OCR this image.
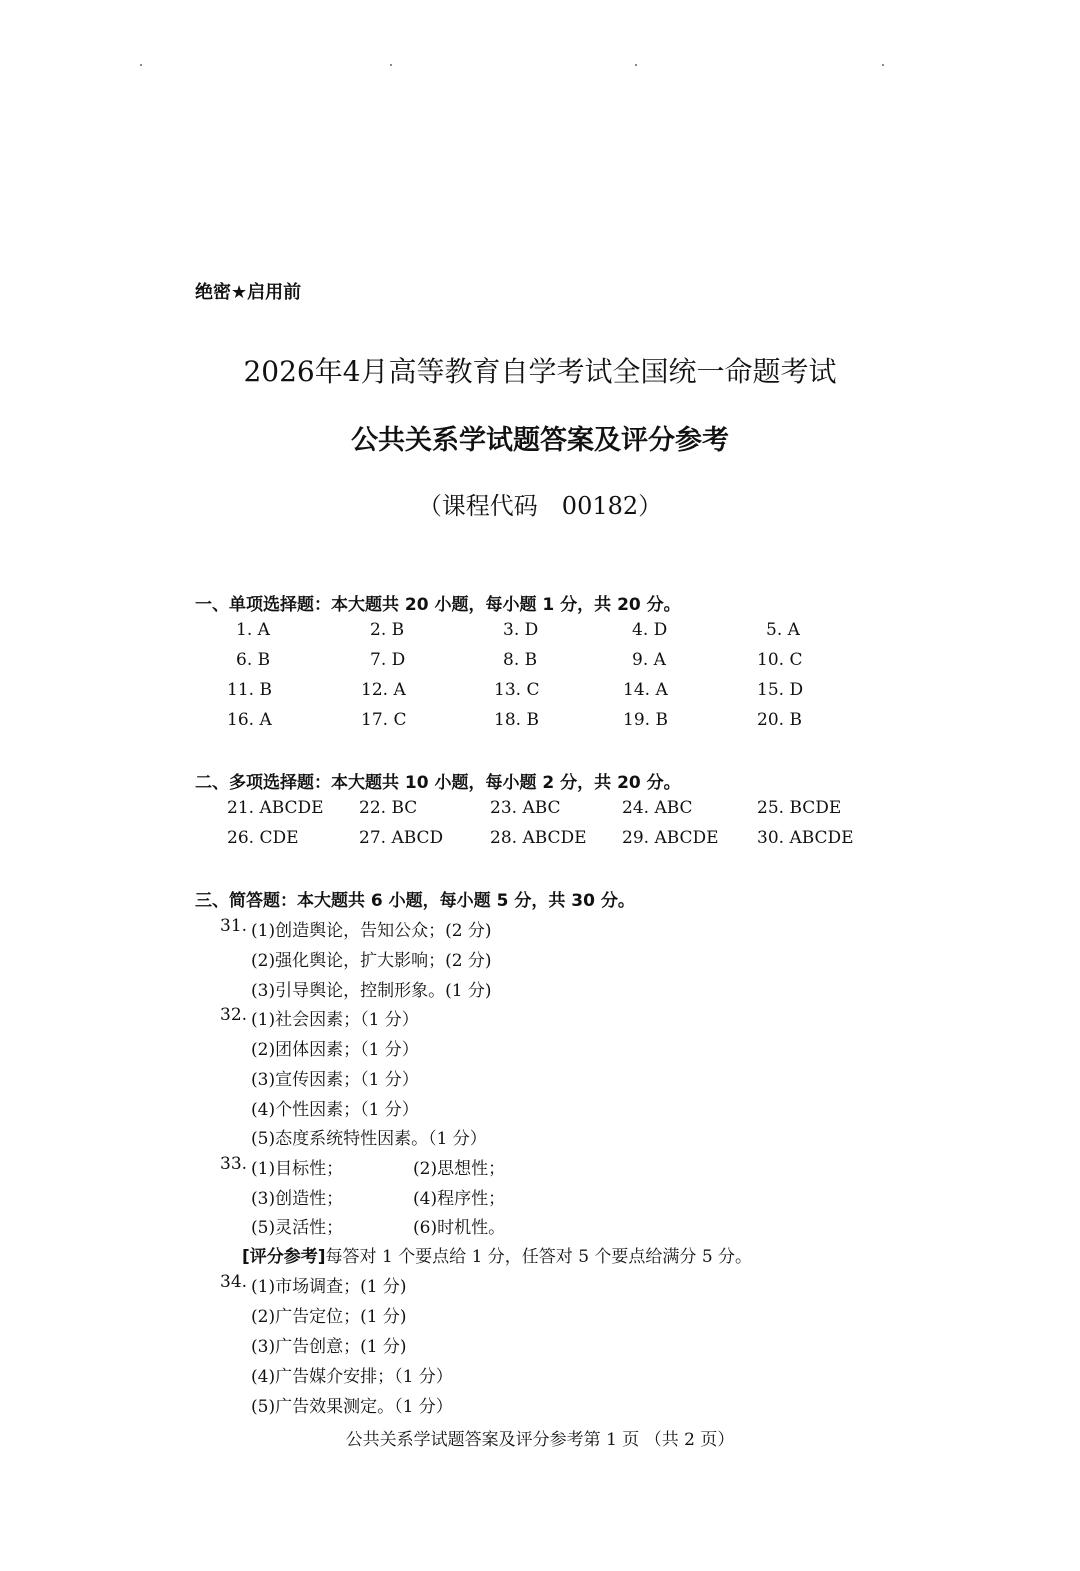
绝密★启用前
2026年4月高等教育自学考试全国统一命题考试
公共关系学试题答案及评分参考
（课程代码　00182）
一、单项选择题：本大题共 20 小题，每小题 1 分，共 20 分。
1. A	2. B	3. D	4. D	5. A
6. B	7. D	8. B	9. A	10. C
11. B	12. A	13. C	14. A	15. D
16. A	17. C	18. B	19. B	20. B
二、多项选择题：本大题共 10 小题，每小题 2 分，共 20 分。
21. ABCDE 22. BC	23. ABC	24. ABC	25. BCDE
26. CDE	27. ABCD	28. ABCDE 29. ABCDE 30. ABCDE
三、简答题：本大题共 6 小题，每小题 5 分，共 30 分。
31. (1)创造舆论，告知公众；(2 分)
(2)强化舆论，扩大影响；(2 分)
(3)引导舆论，控制形象。(1 分)
32. (1)社会因素；（1 分）
(2)团体因素；（1 分）
(3)宣传因素；（1 分）
(4)个性因素；（1 分）
(5)态度系统特性因素。（1 分）
33. (1)目标性；	(2)思想性；
(3)创造性；	(4)程序性；
(5)灵活性；	(6)时机性。
[评分参考]每答对 1 个要点给 1 分，任答对 5 个要点给满分 5 分。
34. (1)市场调查；(1 分)
(2)广告定位；(1 分)
(3)广告创意；(1 分)
(4)广告媒介安排；（1 分）
(5)广告效果测定。（1 分）
公共关系学试题答案及评分参考第 1 页 （共 2 页）
